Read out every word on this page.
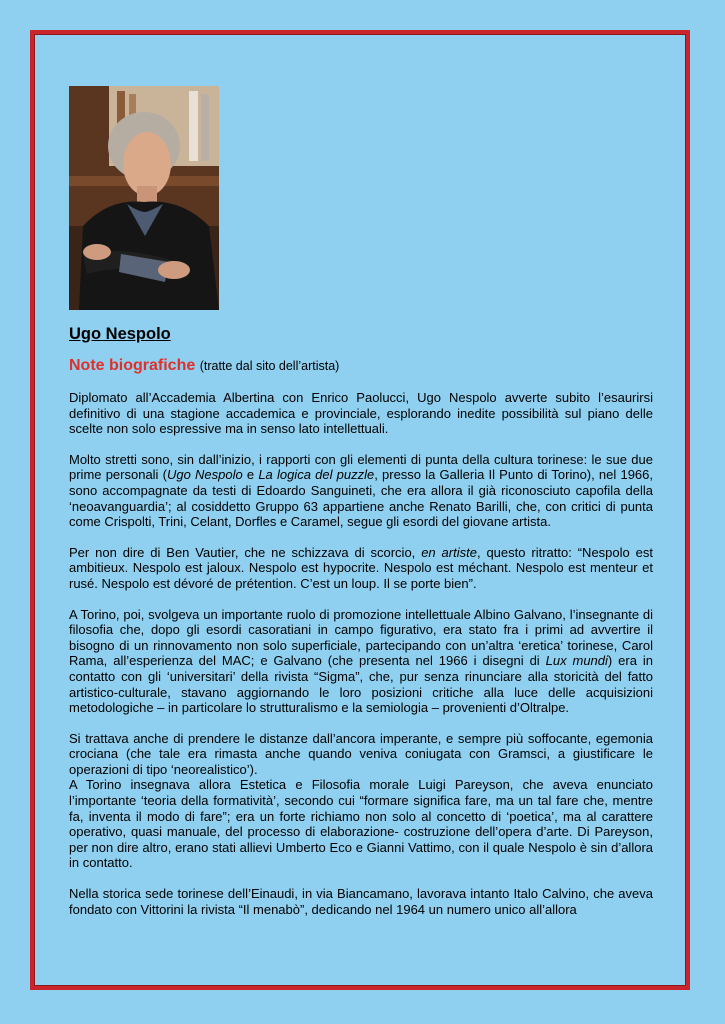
Ugo Nespolo
Note biografiche (tratte dal sito dell’artista)

Diplomato all’Accademia Albertina con Enrico Paolucci, Ugo Nespolo avverte subito l’esaurirsi definitivo di una stagione accademica e provinciale, esplorando inedite possibilità sul piano delle scelte non solo espressive ma in senso lato intellettuali.

Molto stretti sono, sin dall’inizio, i rapporti con gli elementi di punta della cultura torinese: le sue due prime personali (Ugo Nespolo e La logica del puzzle, presso la Galleria Il Punto di Torino), nel 1966, sono accompagnate da testi di Edoardo Sanguineti, che era allora il già riconosciuto capofila della ‘neoavanguardia’; al cosiddetto Gruppo 63 appartiene anche Renato Barilli, che, con critici di punta come Crispolti, Trini, Celant, Dorfles e Caramel, segue gli esordi del giovane artista.

Per non dire di Ben Vautier, che ne schizzava di scorcio, en artiste, questo ritratto: “Nespolo est ambitieux. Nespolo est jaloux. Nespolo est hypocrite. Nespolo est méchant. Nespolo est menteur et rusé. Nespolo est dévoré de prétention. C’est un loup. Il se porte bien”.

A Torino, poi, svolgeva un importante ruolo di promozione intellettuale Albino Galvano, l’insegnante di filosofia che, dopo gli esordi casoratiani in campo figurativo, era stato fra i primi ad avvertire il bisogno di un rinnovamento non solo superficiale, partecipando con un’altra ‘eretica’ torinese, Carol Rama, all’esperienza del MAC; e Galvano (che presenta nel 1966 i disegni di Lux mundi) era in contatto con gli ‘universitari’ della rivista “Sigma”, che, pur senza rinunciare alla storicità del fatto artistico-culturale, stavano aggiornando le loro posizioni critiche alla luce delle acquisizioni metodologiche – in particolare lo strutturalismo e la semiologia – provenienti d’Oltralpe.

Si trattava anche di prendere le distanze dall’ancora imperante, e sempre più soffocante, egemonia crociana (che tale era rimasta anche quando veniva coniugata con Gramsci, a giustificare le operazioni di tipo ‘neorealistico’).

A Torino insegnava allora Estetica e Filosofia morale Luigi Pareyson, che aveva enunciato l’importante ‘teoria della formatività’, secondo cui “formare significa fare, ma un tal fare che, mentre fa, inventa il modo di fare”; era un forte richiamo non solo al concetto di ‘poetica’, ma al carattere operativo, quasi manuale, del processo di elaborazione- costruzione dell’opera d’arte. Di Pareyson, per non dire altro, erano stati allievi Umberto Eco e Gianni Vattimo, con il quale Nespolo è sin d’allora in contatto.

Nella storica sede torinese dell’Einaudi, in via Biancamano, lavorava intanto Italo Calvino, che aveva fondato con Vittorini la rivista “Il menabò”, dedicando nel 1964 un numero unico all’allora
